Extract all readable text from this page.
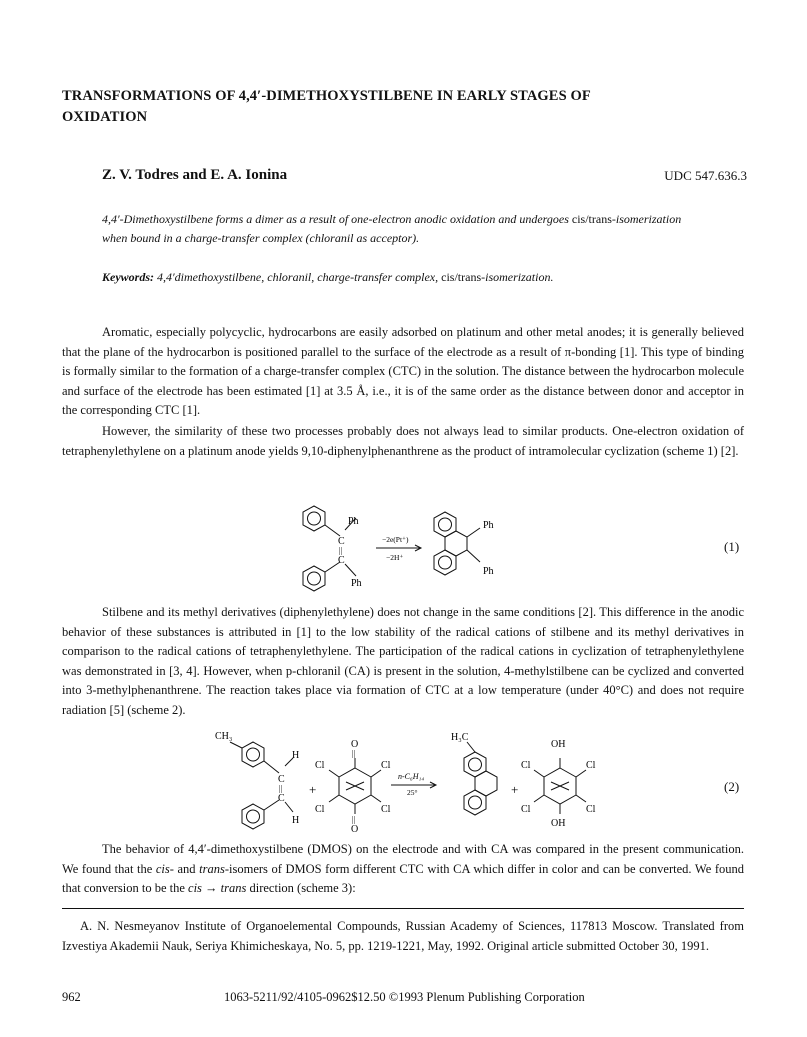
TRANSFORMATIONS OF 4,4′-DIMETHOXYSTILBENE IN EARLY STAGES OF OXIDATION
Z. V. Todres and E. A. Ionina	UDC 547.636.3
4,4′-Dimethoxystilbene forms a dimer as a result of one-electron anodic oxidation and undergoes cis/trans-isomerization when bound in a charge-transfer complex (chloranil as acceptor).
Keywords: 4,4′dimethoxystilbene, chloranil, charge-transfer complex, cis/trans-isomerization.
Aromatic, especially polycyclic, hydrocarbons are easily adsorbed on platinum and other metal anodes; it is generally believed that the plane of the hydrocarbon is positioned parallel to the surface of the electrode as a result of π-bonding [1]. This type of binding is formally similar to the formation of a charge-transfer complex (CTC) in the solution. The distance between the hydrocarbon molecule and surface of the electrode has been estimated [1] at 3.5 Å, i.e., it is of the same order as the distance between donor and acceptor in the corresponding CTC [1].
However, the similarity of these two processes probably does not always lead to similar products. One-electron oxidation of tetraphenylethylene on a platinum anode yields 9,10-diphenylphenanthrene as the product of intramolecular cyclization (scheme 1) [2].
Ph
C
||
C
Ph
−2e(Pt⁺)
−2H⁺
Ph
Ph
(1)
Stilbene and its methyl derivatives (diphenylethylene) does not change in the same conditions [2]. This difference in the anodic behavior of these substances is attributed in [1] to the low stability of the radical cations of stilbene and its methyl derivatives in comparison to the radical cations of tetraphenylethylene. The participation of the radical cations in cyclization of tetraphenylethylene was demonstrated in [3, 4]. However, when p-chloranil (CA) is present in the solution, 4-methylstilbene can be cyclized and converted into 3-methylphenanthrene. The reaction takes place via formation of CTC at a low temperature (under 40°C) and does not require radiation [5] (scheme 2).
CH₃
H
C
||
C
H
+
O
||
Cl	Cl
Cl	Cl
||
O
n-C₆H₁₄
25°
H₃C
+
OH
Cl	Cl
Cl	Cl
OH
(2)
The behavior of 4,4′-dimethoxystilbene (DMOS) on the electrode and with CA was compared in the present communication. We found that the cis- and trans-isomers of DMOS form different CTC with CA which differ in color and can be converted. We found that conversion to be the cis → trans direction (scheme 3):
A. N. Nesmeyanov Institute of Organoelemental Compounds, Russian Academy of Sciences, 117813 Moscow. Translated from Izvestiya Akademii Nauk, Seriya Khimicheskaya, No. 5, pp. 1219-1221, May, 1992. Original article submitted October 30, 1991.
962	1063-5211/92/4105-0962$12.50 ©1993 Plenum Publishing Corporation
